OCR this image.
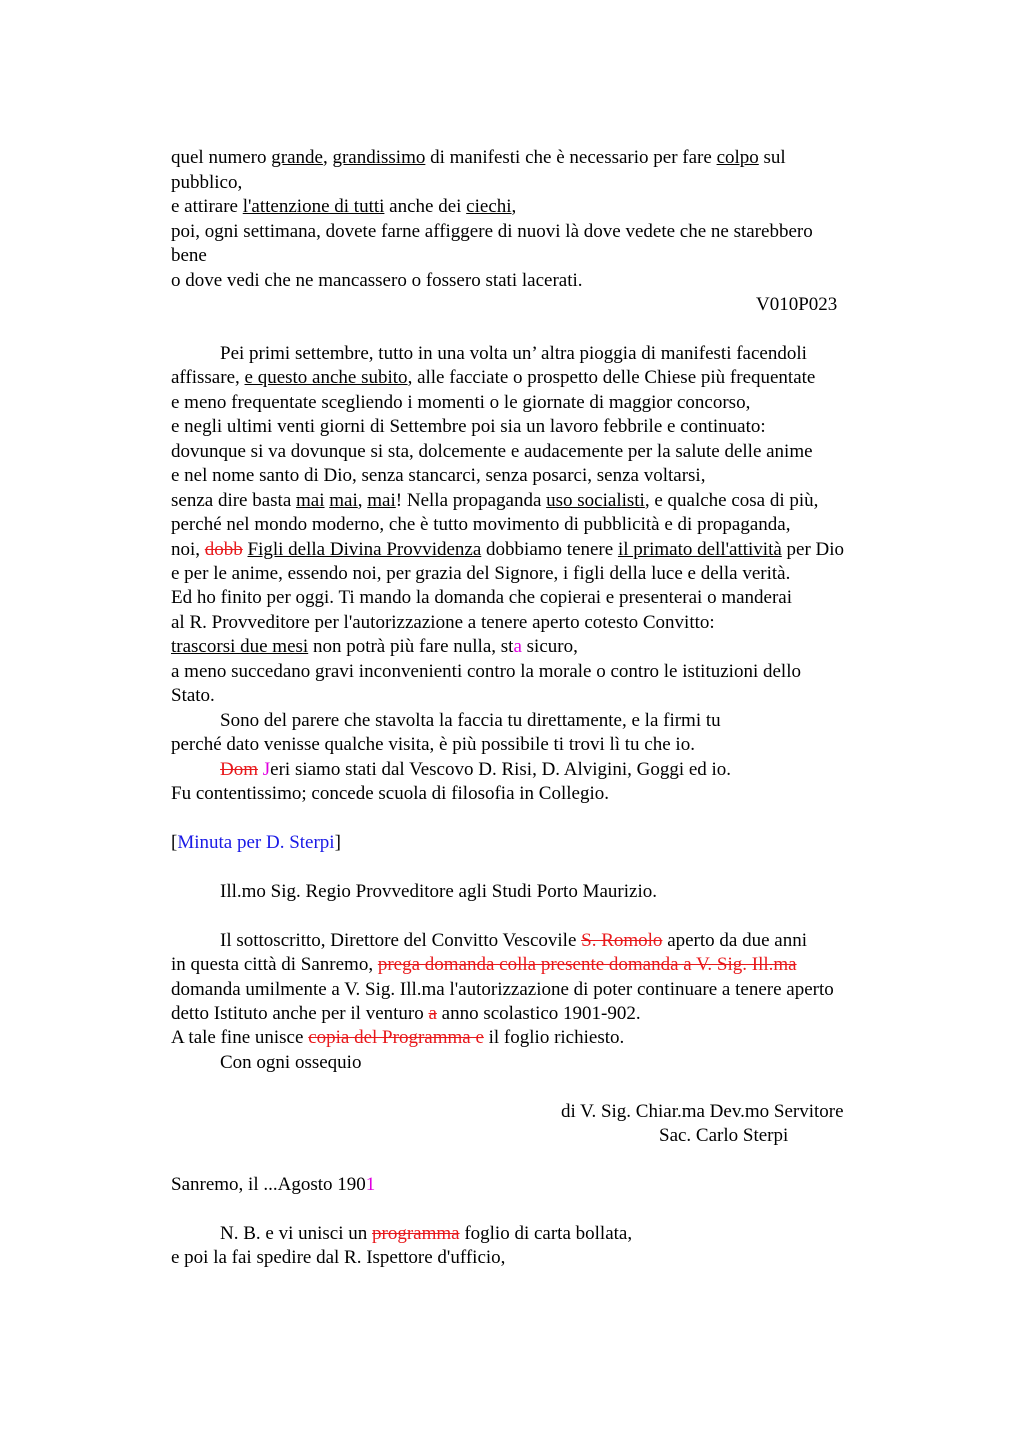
quel numero grande, grandissimo di manifesti che è necessario per fare colpo sul
pubblico,
e attirare l'attenzione di tutti anche dei ciechi,
poi, ogni settimana, dovete farne affiggere di nuovi là dove vedete che ne starebbero
bene
o dove vedi che ne mancassero o fossero stati lacerati.
V010P023
Pei primi settembre, tutto in una volta un’ altra pioggia di manifesti facendoli
affissare, e questo anche subito, alle facciate o prospetto delle Chiese più frequentate
e meno frequentate scegliendo i momenti o le giornate di maggior concorso,
e negli ultimi venti giorni di Settembre poi sia un lavoro febbrile e continuato:
dovunque si va dovunque si sta, dolcemente e audacemente per la salute delle anime
e nel nome santo di Dio, senza stancarci, senza posarci, senza voltarsi,
senza dire basta mai mai, mai! Nella propaganda uso socialisti, e qualche cosa di più,
perché nel mondo moderno, che è tutto movimento di pubblicità e di propaganda,
noi, dobb Figli della Divina Provvidenza dobbiamo tenere il primato dell'attività per Dio
e per le anime, essendo noi, per grazia del Signore, i figli della luce e della verità.
Ed ho finito per oggi. Ti mando la domanda che copierai e presenterai o manderai
al R. Provveditore per l'autorizzazione a tenere aperto cotesto Convitto:
trascorsi due mesi non potrà più fare nulla, sta sicuro,
a meno succedano gravi inconvenienti contro la morale o contro le istituzioni dello
Stato.
Sono del parere che stavolta la faccia tu direttamente, e la firmi tu
perché dato venisse qualche visita, è più possibile ti trovi lì tu che io.
Dom Jeri siamo stati dal Vescovo D. Risi, D. Alvigini, Goggi ed io.
Fu contentissimo; concede scuola di filosofia in Collegio.
[Minuta per D. Sterpi]
Ill.mo Sig. Regio Provveditore agli Studi Porto Maurizio.
Il sottoscritto, Direttore del Convitto Vescovile S. Romolo aperto da due anni
in questa città di Sanremo, prega domanda colla presente domanda a V. Sig. Ill.ma
domanda umilmente a V. Sig. Ill.ma l'autorizzazione di poter continuare a tenere aperto
detto Istituto anche per il venturo a anno scolastico 1901-902.
A tale fine unisce copia del Programma e il foglio richiesto.
Con ogni ossequio
di V. Sig. Chiar.ma Dev.mo Servitore
Sac. Carlo Sterpi
Sanremo, il ...Agosto 1901
N. B. e vi unisci un programma foglio di carta bollata,
e poi la fai spedire dal R. Ispettore d'ufficio,
